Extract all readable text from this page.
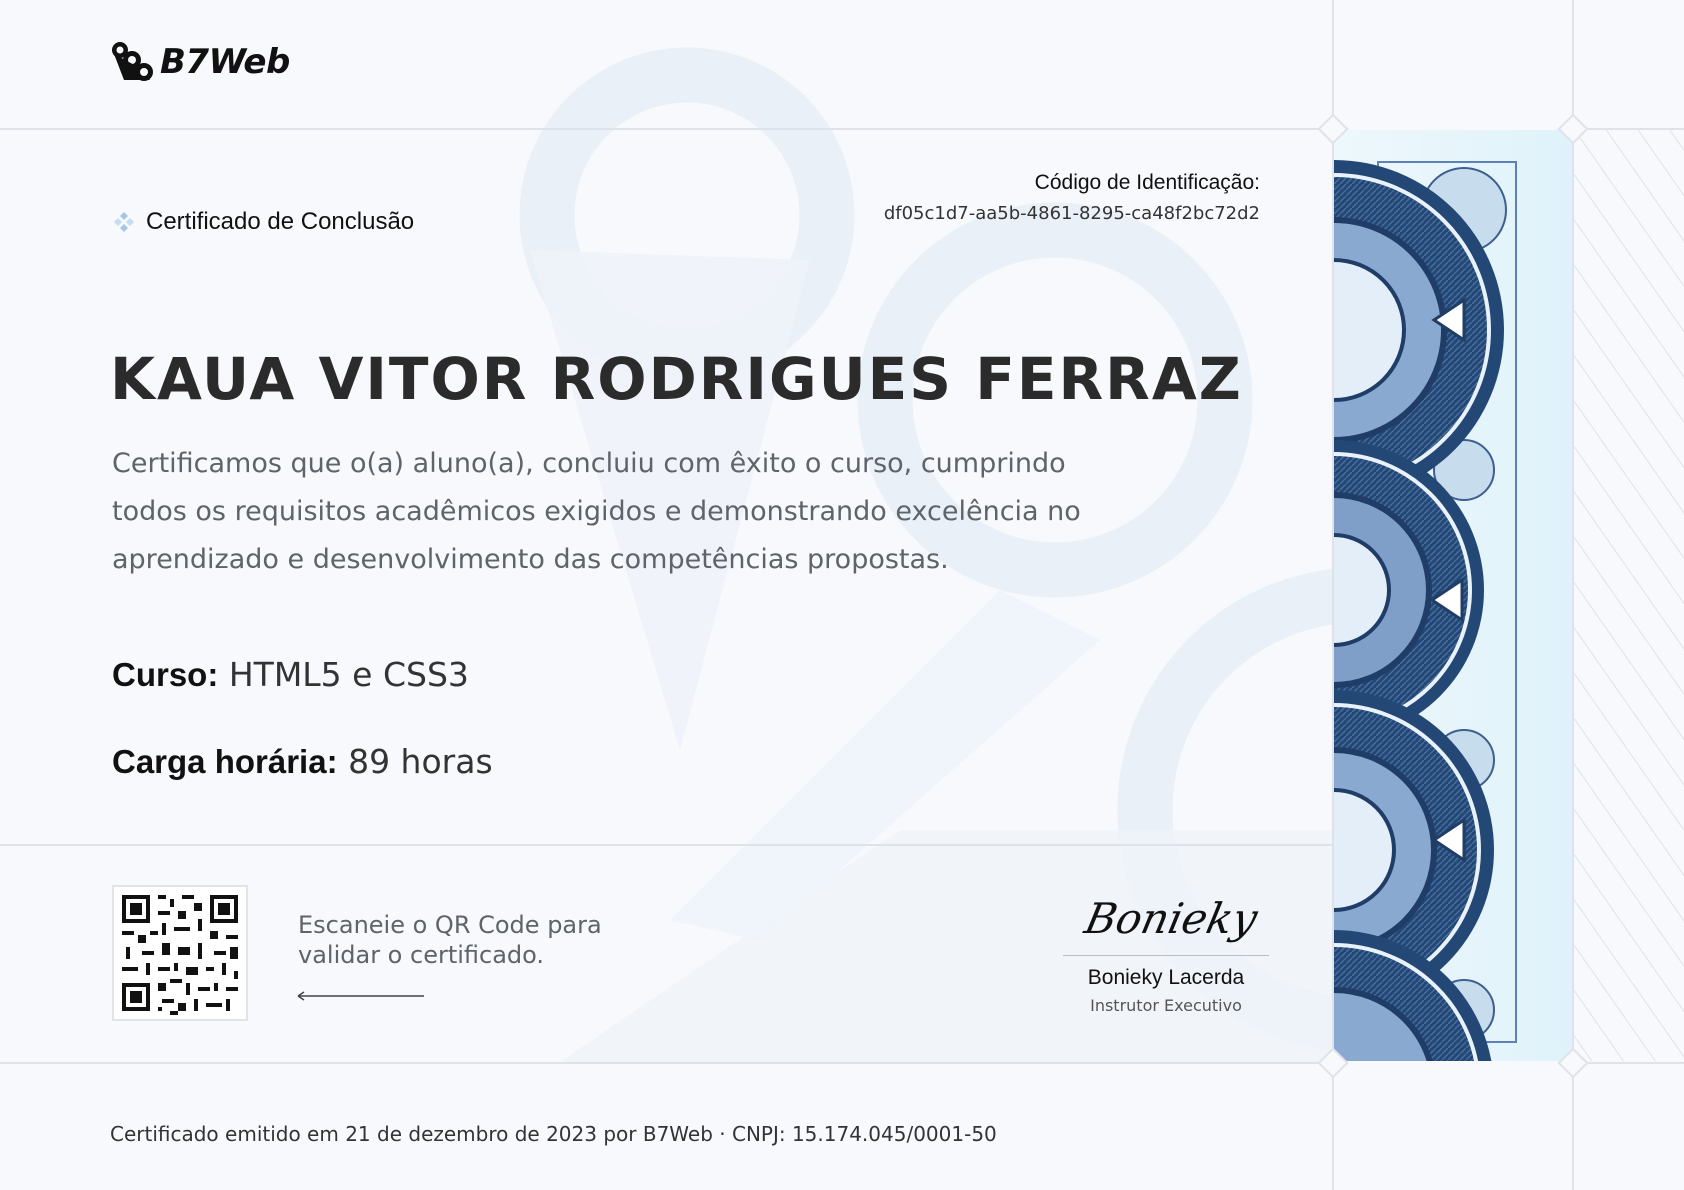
B7Web
Certificado de Conclusão
Código de Identificação:
df05c1d7-aa5b-4861-8295-ca48f2bc72d2
KAUA VITOR RODRIGUES FERRAZ
Certificamos que o(a) aluno(a), concluiu com êxito o curso, cumprindo todos os requisitos acadêmicos exigidos e demonstrando excelência no aprendizado e desenvolvimento das competências propostas.
Curso: HTML5 e CSS3
Carga horária: 89 horas
Escaneie o QR Code para validar o certificado.
Bonieky
Bonieky Lacerda
Instrutor Executivo
Certificado emitido em 21 de dezembro de 2023 por B7Web · CNPJ: 15.174.045/0001-50
